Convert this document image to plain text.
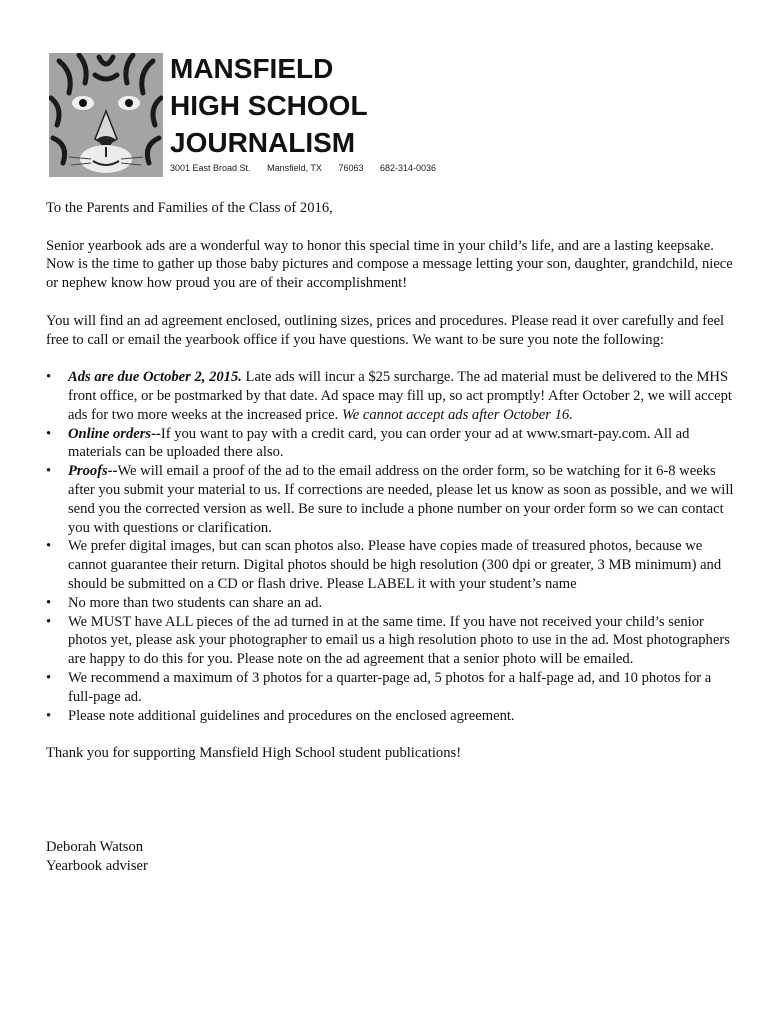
MANSFIELD
HIGH SCHOOL
JOURNALISM
3001 East Broad St. Mansfield, TX 76063 682-314-0036

To the Parents and Families of the Class of 2016,

Senior yearbook ads are a wonderful way to honor this special time in your child’s life, and are a lasting keepsake. Now is the time to gather up those baby pictures and compose a message letting your son, daughter, grandchild, niece or nephew know how proud you are of their accomplishment!

You will find an ad agreement enclosed, outlining sizes, prices and procedures. Please read it over carefully and feel free to call or email the yearbook office if you have questions. We want to be sure you note the following:

•	Ads are due October 2, 2015. Late ads will incur a $25 surcharge. The ad material must be delivered to the MHS front office, or be postmarked by that date. Ad space may fill up, so act promptly! After October 2, we will accept ads for two more weeks at the increased price. We cannot accept ads after October 16.
•	Online orders--If you want to pay with a credit card, you can order your ad at www.smart-pay.com. All ad materials can be uploaded there also.
•	Proofs--We will email a proof of the ad to the email address on the order form, so be watching for it 6-8 weeks after you submit your material to us. If corrections are needed, please let us know as soon as possible, and we will send you the corrected version as well. Be sure to include a phone number on your order form so we can contact you with questions or clarification.
•	We prefer digital images, but can scan photos also. Please have copies made of treasured photos, because we cannot guarantee their return. Digital photos should be high resolution (300 dpi or greater, 3 MB minimum) and should be submitted on a CD or flash drive. Please LABEL it with your student’s name
•	No more than two students can share an ad.
•	We MUST have ALL pieces of the ad turned in at the same time. If you have not received your child’s senior photos yet, please ask your photographer to email us a high resolution photo to use in the ad. Most photographers are happy to do this for you. Please note on the ad agreement that a senior photo will be emailed.
•	We recommend a maximum of 3 photos for a quarter-page ad, 5 photos for a half-page ad, and 10 photos for a full-page ad.
•	Please note additional guidelines and procedures on the enclosed agreement.

Thank you for supporting Mansfield High School student publications!

Deborah Watson

Yearbook adviser
